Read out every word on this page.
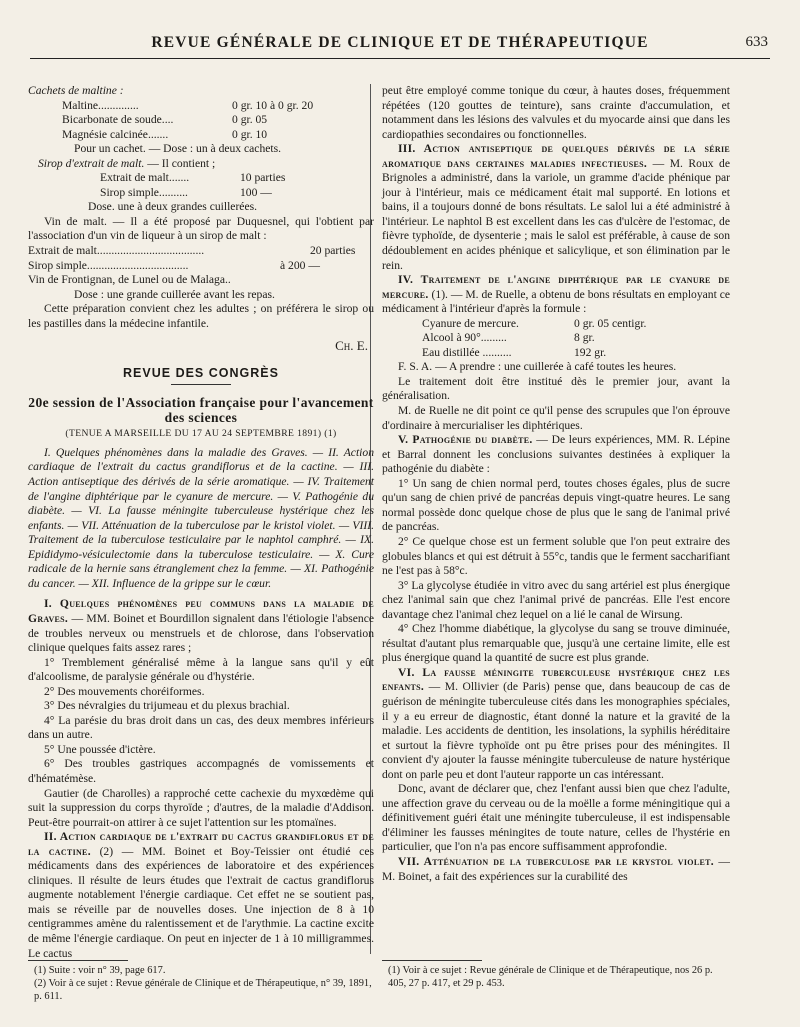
REVUE GÉNÉRALE DE CLINIQUE ET DE THÉRAPEUTIQUE	633

Cachets de maltine :

Maltine..............	0 gr. 10 à 0 gr. 20
Bicarbonate de soude....	0 gr. 05
Magnésie calcinée.......	0 gr. 10

Pour un cachet. — Dose : un à deux cachets.

Sirop d'extrait de malt. — Il contient ;

Extrait de malt.......	10 parties
Sirop simple..........	100 —

Dose. une à deux grandes cuillerées.

Vin de malt. — Il a été proposé par Duquesnel, qui l'obtient par l'association d'un vin de liqueur à un sirop de malt :

Extrait de malt.....................................	20 parties
Sirop simple...................................	à 200 —
Vin de Frontignan, de Lunel ou de Malaga..

Dose : une grande cuillerée avant les repas.

Cette préparation convient chez les adultes ; on préférera le sirop ou les pastilles dans la médecine infantile.

Ch. E.
REVUE DES CONGRÈS
20e session de l'Association française pour l'avancement des sciences
(TENUE A MARSEILLE DU 17 AU 24 SEPTEMBRE 1891) (1)

I. Quelques phénomènes dans la maladie des Graves. — II. Action cardiaque de l'extrait du cactus grandiflorus et de la cactine. — III. Action antiseptique des dérivés de la série aromatique. — IV. Traitement de l'angine diphtérique par le cyanure de mercure. — V. Pathogénie du diabète. — VI. La fausse méningite tuberculeuse hystérique chez les enfants. — VII. Atténuation de la tuberculose par le kristol violet. — VIII. Traitement de la tuberculose testiculaire par le naphtol camphré. — IX. Epididymo-vésiculectomie dans la tuberculose testiculaire. — X. Cure radicale de la hernie sans étranglement chez la femme. — XI. Pathogénie du cancer. — XII. Influence de la grippe sur le cœur.

I. Quelques phénomènes peu communs dans la maladie de Graves. — MM. Boinet et Bourdillon signalent dans l'étiologie l'absence de troubles nerveux ou menstruels et de chlorose, dans l'observation clinique quelques faits assez rares ;

1° Tremblement généralisé même à la langue sans qu'il y eût d'alcoolisme, de paralysie générale ou d'hystérie.

2° Des mouvements choréiformes.

3° Des névralgies du trijumeau et du plexus brachial.

4° La parésie du bras droit dans un cas, des deux membres inférieurs dans un autre.

5° Une poussée d'ictère.

6° Des troubles gastriques accompagnés de vomissements et d'hématémèse.

Gautier (de Charolles) a rapproché cette cachexie du myxœdème qui suit la suppression du corps thyroïde ; d'autres, de la maladie d'Addison. Peut-être pourrait-on attirer à ce sujet l'attention sur les ptomaïnes.

II. Action cardiaque de l'extrait du cactus grandiflorus et de la cactine. (2) — MM. Boinet et Boy-Teissier ont étudié ces médicaments dans des expériences de laboratoire et des expériences cliniques. Il résulte de leurs études que l'extrait de cactus grandiflorus augmente notablement l'énergie cardiaque. Cet effet ne se soutient pas, mais se réveille par de nouvelles doses. Une injection de 8 à 10 centigrammes amène du ralentissement et de l'arythmie. La cactine excite de même l'énergie cardiaque. On peut en injecter de 1 à 10 milligrammes. Le cactus

peut être employé comme tonique du cœur, à hautes doses, fréquemment répétées (120 gouttes de teinture), sans crainte d'accumulation, et notamment dans les lésions des valvules et du myocarde ainsi que dans les cardiopathies secondaires ou fonctionnelles.

III. Action antiseptique de quelques dérivés de la série aromatique dans certaines maladies infectieuses. — M. Roux de Brignoles a administré, dans la variole, un gramme d'acide phénique par jour à l'intérieur, mais ce médicament était mal supporté. En lotions et bains, il a toujours donné de bons résultats. Le salol lui a été administré à l'intérieur. Le naphtol B est excellent dans les cas d'ulcère de l'estomac, de fièvre typhoïde, de dysenterie ; mais le salol est préférable, à cause de son dédoublement en acides phénique et salicylique, et son élimination par le rein.

IV. Traitement de l'angine diphtérique par le cyanure de mercure. (1). — M. de Ruelle, a obtenu de bons résultats en employant ce médicament à l'intérieur d'après la formule :

Cyanure de mercure.	0 gr. 05 centigr.
Alcool à 90°.........	8 gr.
Eau distillée ..........	192 gr.

F. S. A. — A prendre : une cuillerée à café toutes les heures.

Le traitement doit être institué dès le premier jour, avant la généralisation.

M. de Ruelle ne dit point ce qu'il pense des scrupules que l'on éprouve d'ordinaire à mercurialiser les diphtériques.

V. Pathogénie du diabète. — De leurs expériences, MM. R. Lépine et Barral donnent les conclusions suivantes destinées à expliquer la pathogénie du diabète :

1° Un sang de chien normal perd, toutes choses égales, plus de sucre qu'un sang de chien privé de pancréas depuis vingt-quatre heures. Le sang normal possède donc quelque chose de plus que le sang de l'animal privé de pancréas.

2° Ce quelque chose est un ferment soluble que l'on peut extraire des globules blancs et qui est détruit à 55°c, tandis que le ferment saccharifiant ne l'est pas à 58°c.

3° La glycolyse étudiée in vitro avec du sang artériel est plus énergique chez l'animal sain que chez l'animal privé de pancréas. Elle l'est encore davantage chez l'animal chez lequel on a lié le canal de Wirsung.

4° Chez l'homme diabétique, la glycolyse du sang se trouve diminuée, résultat d'autant plus remarquable que, jusqu'à une certaine limite, elle est plus énergique quand la quantité de sucre est plus grande.

VI. La fausse méningite tuberculeuse hystérique chez les enfants. — M. Ollivier (de Paris) pense que, dans beaucoup de cas de guérison de méningite tuberculeuse cités dans les monographies spéciales, il y a eu erreur de diagnostic, étant donné la nature et la gravité de la maladie. Les accidents de dentition, les insolations, la syphilis héréditaire et surtout la fièvre typhoïde ont pu être prises pour des méningites. Il convient d'y ajouter la fausse méningite tuberculeuse de nature hystérique dont on parle peu et dont l'auteur rapporte un cas intéressant.

Donc, avant de déclarer que, chez l'enfant aussi bien que chez l'adulte, une affection grave du cerveau ou de la moëlle a forme méningitique qui a définitivement guéri était une méningite tuberculeuse, il est indispensable d'éliminer les fausses méningites de toute nature, celles de l'hystérie en particulier, que l'on n'a pas encore suffisamment approfondie.

VII. Atténuation de la tuberculose par le krystol violet. — M. Boinet, a fait des expériences sur la curabilité des

(1) Suite : voir n° 39, page 617.

(2) Voir à ce sujet : Revue générale de Clinique et de Thérapeutique, n° 39, 1891, p. 611.

(1) Voir à ce sujet : Revue générale de Clinique et de Thérapeutique, nos 26 p. 405, 27 p. 417, et 29 p. 453.
